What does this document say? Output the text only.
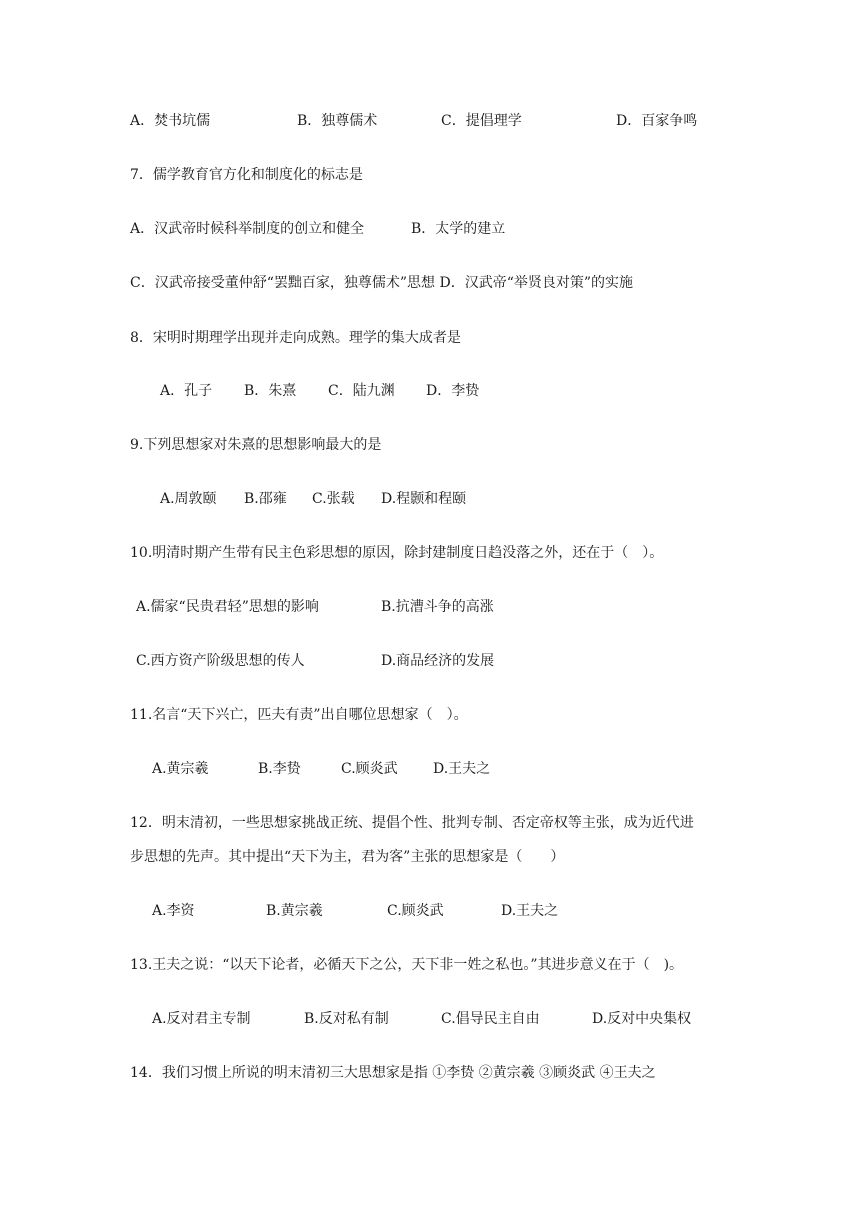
A．焚书坑儒	B．独尊儒术	C．提倡理学	D．百家争鸣
7．儒学教育官方化和制度化的标志是
A．汉武帝时候科举制度的创立和健全	B．太学的建立
C．汉武帝接受董仲舒“罢黜百家，独尊儒术”思想 D．汉武帝“举贤良对策”的实施
8．宋明时期理学出现并走向成熟。理学的集大成者是
A．孔子 B．朱熹 C．陆九渊 D．李贽
9.下列思想家对朱熹的思想影响最大的是
A.周敦颐 B.邵雍 C.张载 D.程颢和程颐
10.明清时期产生带有民主色彩思想的原因，除封建制度日趋没落之外，还在于（　）。
A.儒家“民贵君轻”思想的影响	B.抗漕斗争的高涨
C.西方资产阶级思想的传人	D.商品经济的发展
11.名言“天下兴亡，匹夫有责”出自哪位思想家（　）。
A.黄宗羲	B.李贽	C.顾炎武	D.王夫之
12．明末清初，一些思想家挑战正统、提倡个性、批判专制、否定帝权等主张，成为近代进
步思想的先声。其中提出“天下为主，君为客”主张的思想家是（　　）
A.李资	B.黄宗羲	C.顾炎武	D.王夫之
13.王夫之说：“以天下论者，必循天下之公，天下非一姓之私也。”其进步意义在于（　)。
A.反对君主专制	B.反对私有制	C.倡导民主自由	D.反对中央集权
14．我们习惯上所说的明末清初三大思想家是指 ①李贽 ②黄宗羲 ③顾炎武 ④王夫之
